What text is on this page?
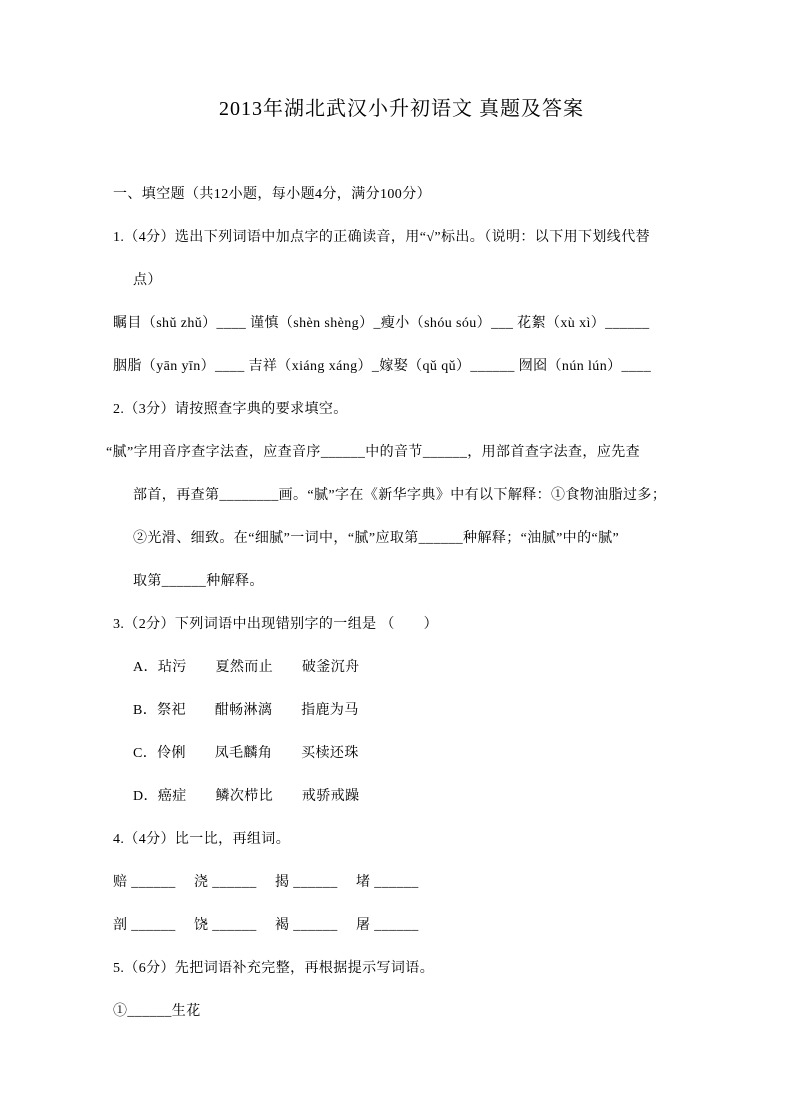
2013年湖北武汉小升初语文 真题及答案

一、填空题（共12小题，每小题4分，满分100分）

1.（4分）选出下列词语中加点字的正确读音，用“√”标出。（说明：以下用下划线代替

点）

瞩目（shǔ zhǔ）____ 谨慎（shèn shèng）_瘦小（shóu sóu）___ 花絮（xù xì）______

胭脂（yān yīn）____ 吉祥（xiáng xáng）_嫁娶（qǔ qǔ）______ 囫囵（nún lún）____

2.（3分）请按照查字典的要求填空。

“腻”字用音序查字法查，应查音序______中的音节______，用部首查字法查，应先查

部首，再查第________画。“腻”字在《新华字典》中有以下解释：①食物油脂过多；

②光滑、细致。在“细腻”一词中，“腻”应取第______种解释；“油腻”中的“腻”

取第______种解释。

3.（2分）下列词语中出现错别字的一组是 （　　）

A．玷污　　夏然而止　　破釜沉舟

B．祭祀　　酣畅淋漓　　指鹿为马

C．伶俐　　凤毛麟角　　买椟还珠

D．癌症　　鳞次栉比　　戒骄戒躁

4.（4分）比一比，再组词。

赔 ______　 浇 ______　 揭 ______　 堵 ______

剖 ______　 饶 ______　 褐 ______　 屠 ______

5.（6分）先把词语补充完整，再根据提示写词语。

①______生花
